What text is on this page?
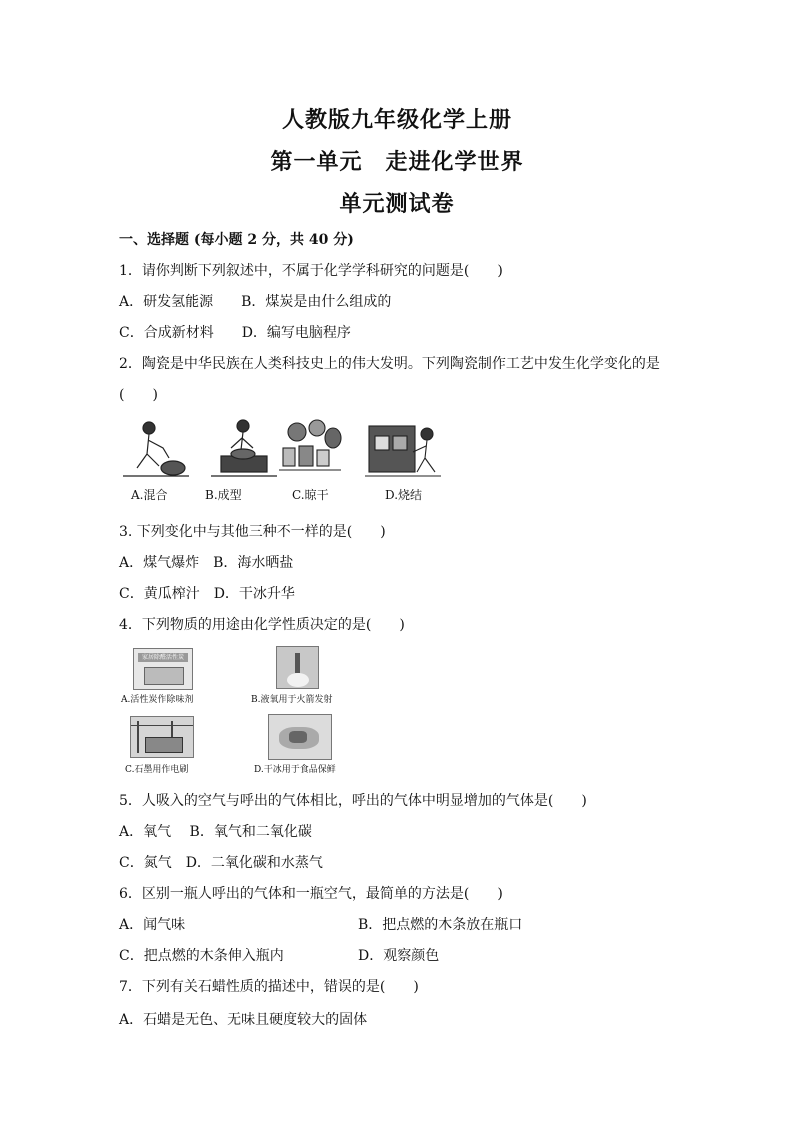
人教版九年级化学上册
第一单元　走进化学世界
单元测试卷
一、选择题 (每小题 2 分，共 40 分)
1．请你判断下列叙述中，不属于化学学科研究的问题是(　　)
A．研发氢能源　　B．煤炭是由什么组成的
C．合成新材料　　D．编写电脑程序
2．陶瓷是中华民族在人类科技史上的伟大发明。下列陶瓷制作工艺中发生化学变化的是
(　　)
A.混合	B.成型	C.晾干	D.烧结
3. 下列变化中与其他三种不一样的是(　　)
A．煤气爆炸　B．海水晒盐
C．黄瓜榨汁　D．干冰升华
4．下列物质的用途由化学性质决定的是(　　)
家居除醛活性炭
A.活性炭作除味剂	B.液氧用于火箭发射
C.石墨用作电刷	D.干冰用于食品保鲜
5．人吸入的空气与呼出的气体相比，呼出的气体中明显增加的气体是(　　)
A．氧气　 B．氧气和二氧化碳
C．氮气　D．二氧化碳和水蒸气
6．区别一瓶人呼出的气体和一瓶空气，最简单的方法是(　　)
A．闻气味	B．把点燃的木条放在瓶口
C．把点燃的木条伸入瓶内	D．观察颜色
7．下列有关石蜡性质的描述中，错误的是(　　)
A．石蜡是无色、无味且硬度较大的固体
